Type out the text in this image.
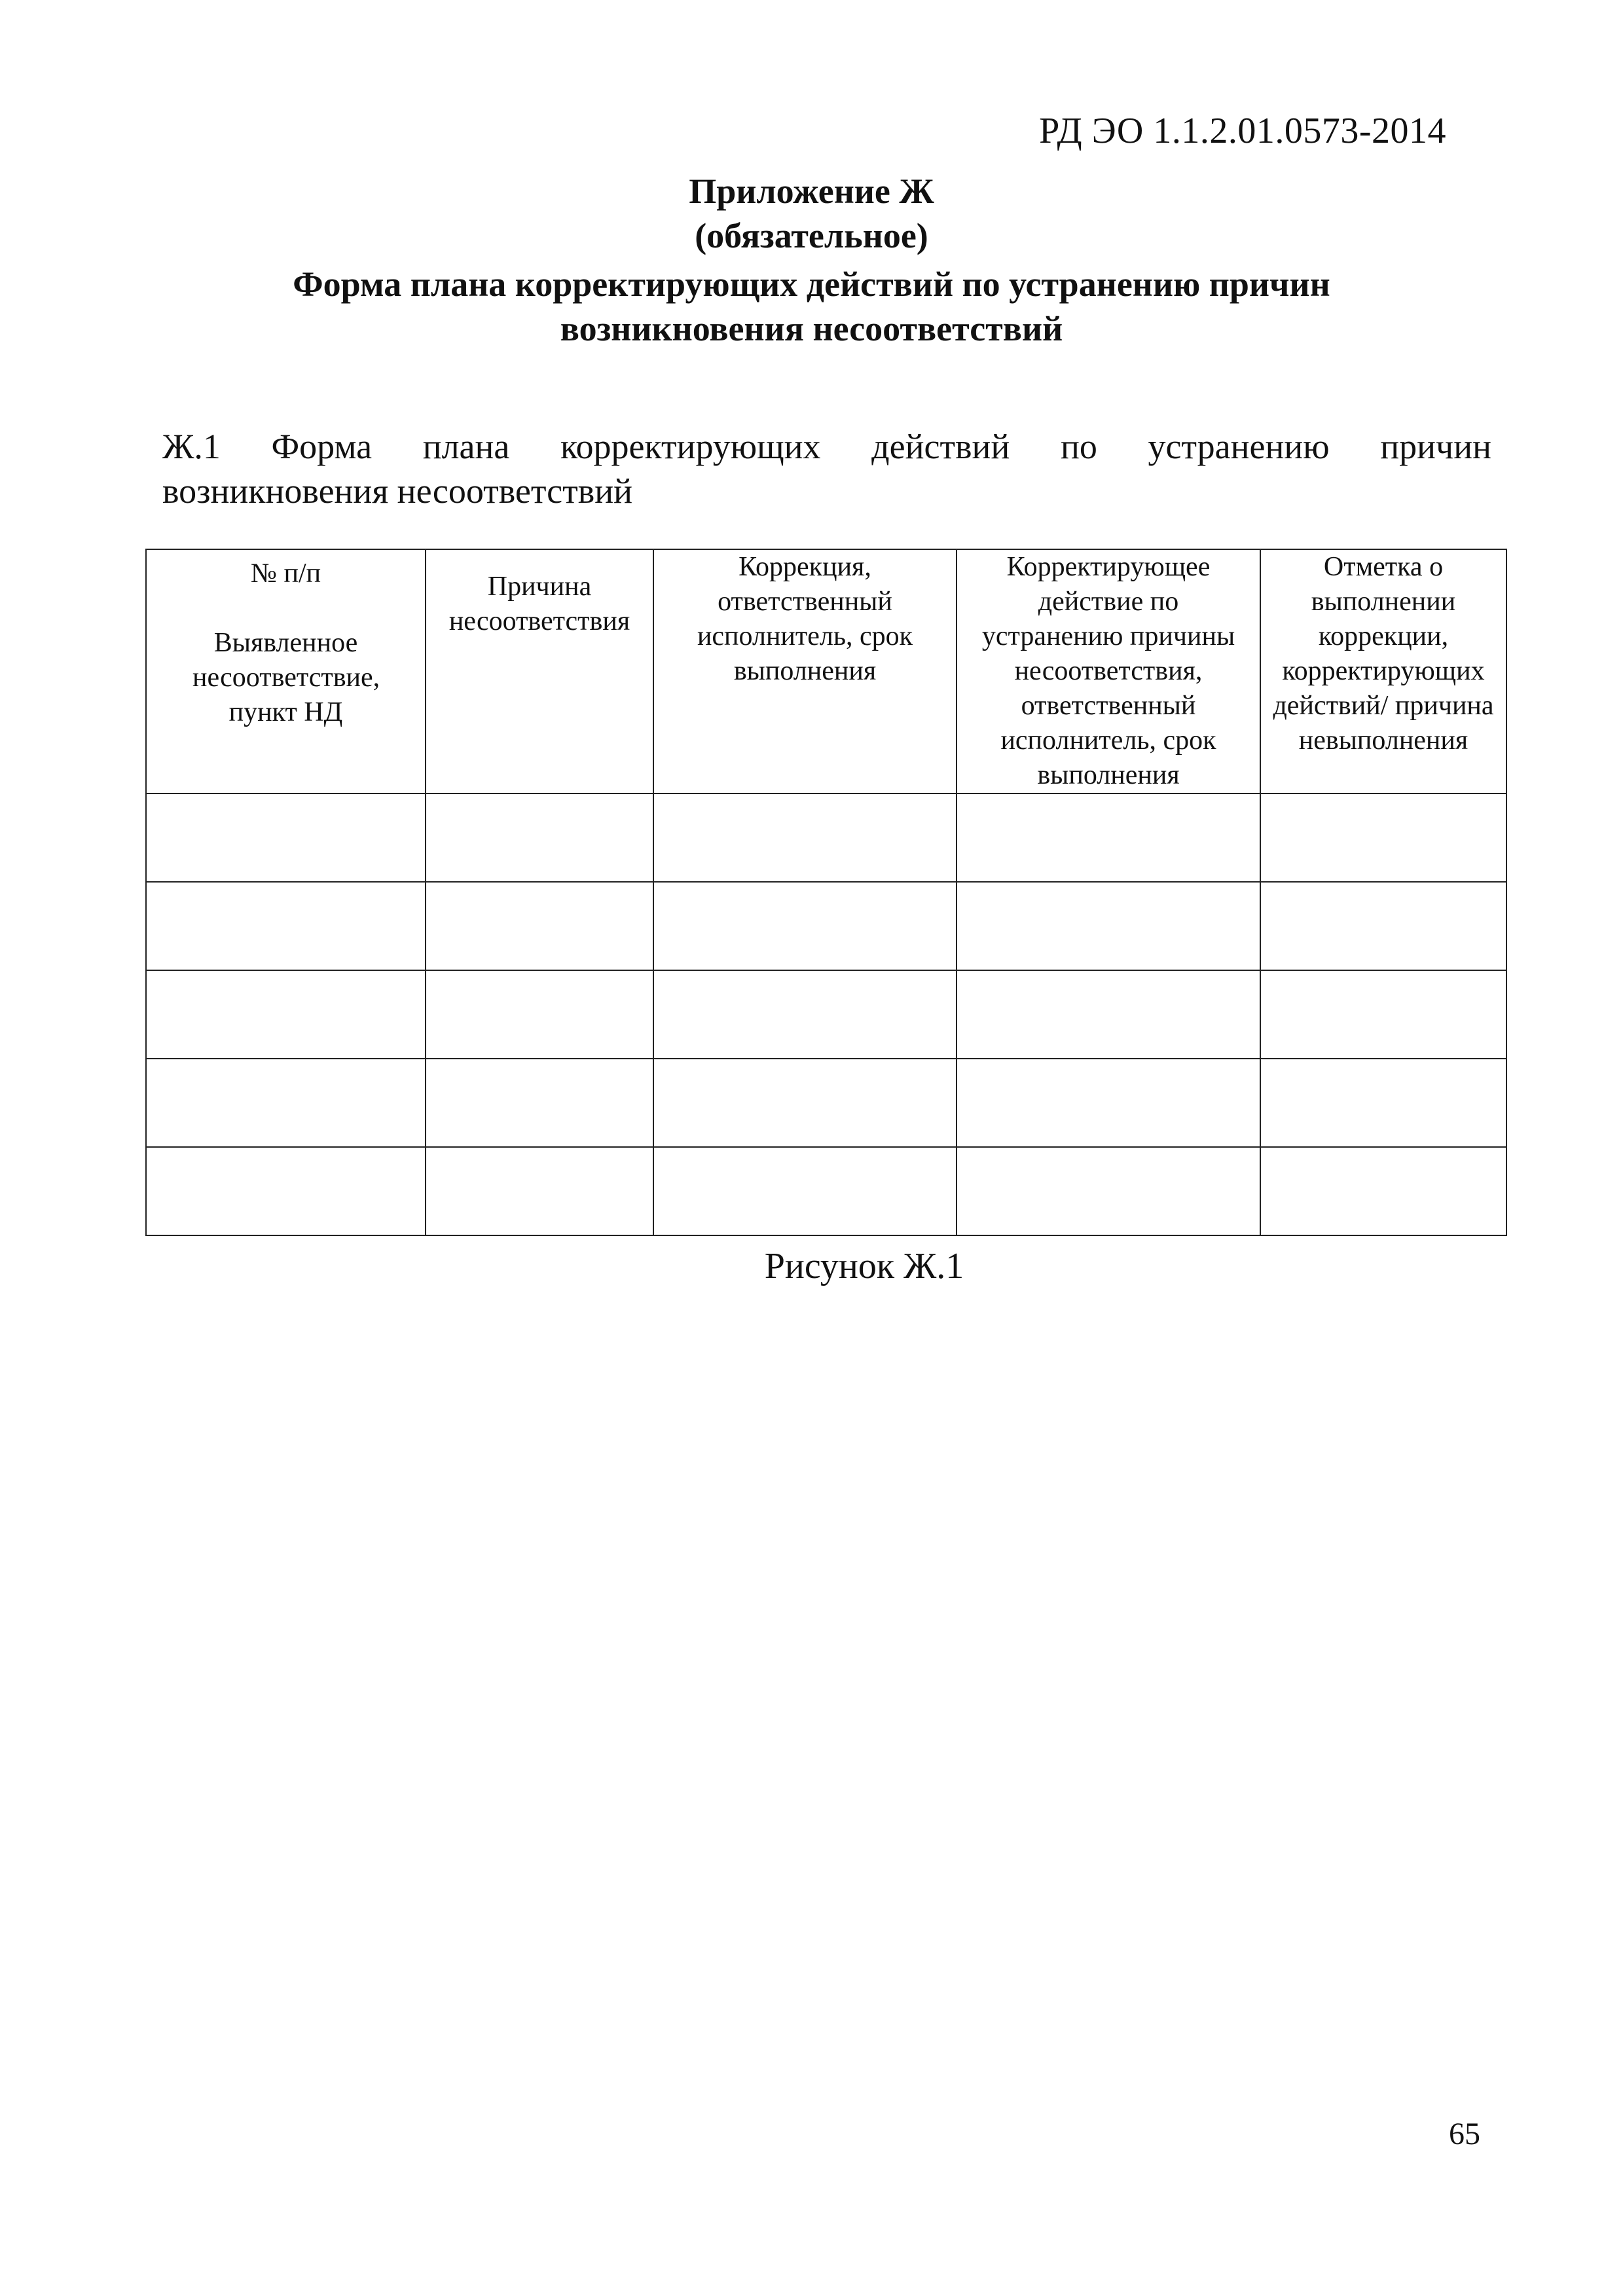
РД ЭО 1.1.2.01.0573-2014
Приложение Ж
(обязательное)
Форма плана корректирующих действий по устранению причин
возникновения несоответствий
Ж.1 Форма плана корректирующих действий по устранению причин
возникновения несоответствий
№ п/п
Выявленное несоответствие, пункт НД	Причина несоответствия	Коррекция, ответственный исполнитель, срок выполнения	Корректирующее действие по устранению причины несоответствия, ответственный исполнитель, срок выполнения	Отметка о выполнении коррекции, корректирующих действий/ причина невыполнения

Рисунок Ж.1
65
